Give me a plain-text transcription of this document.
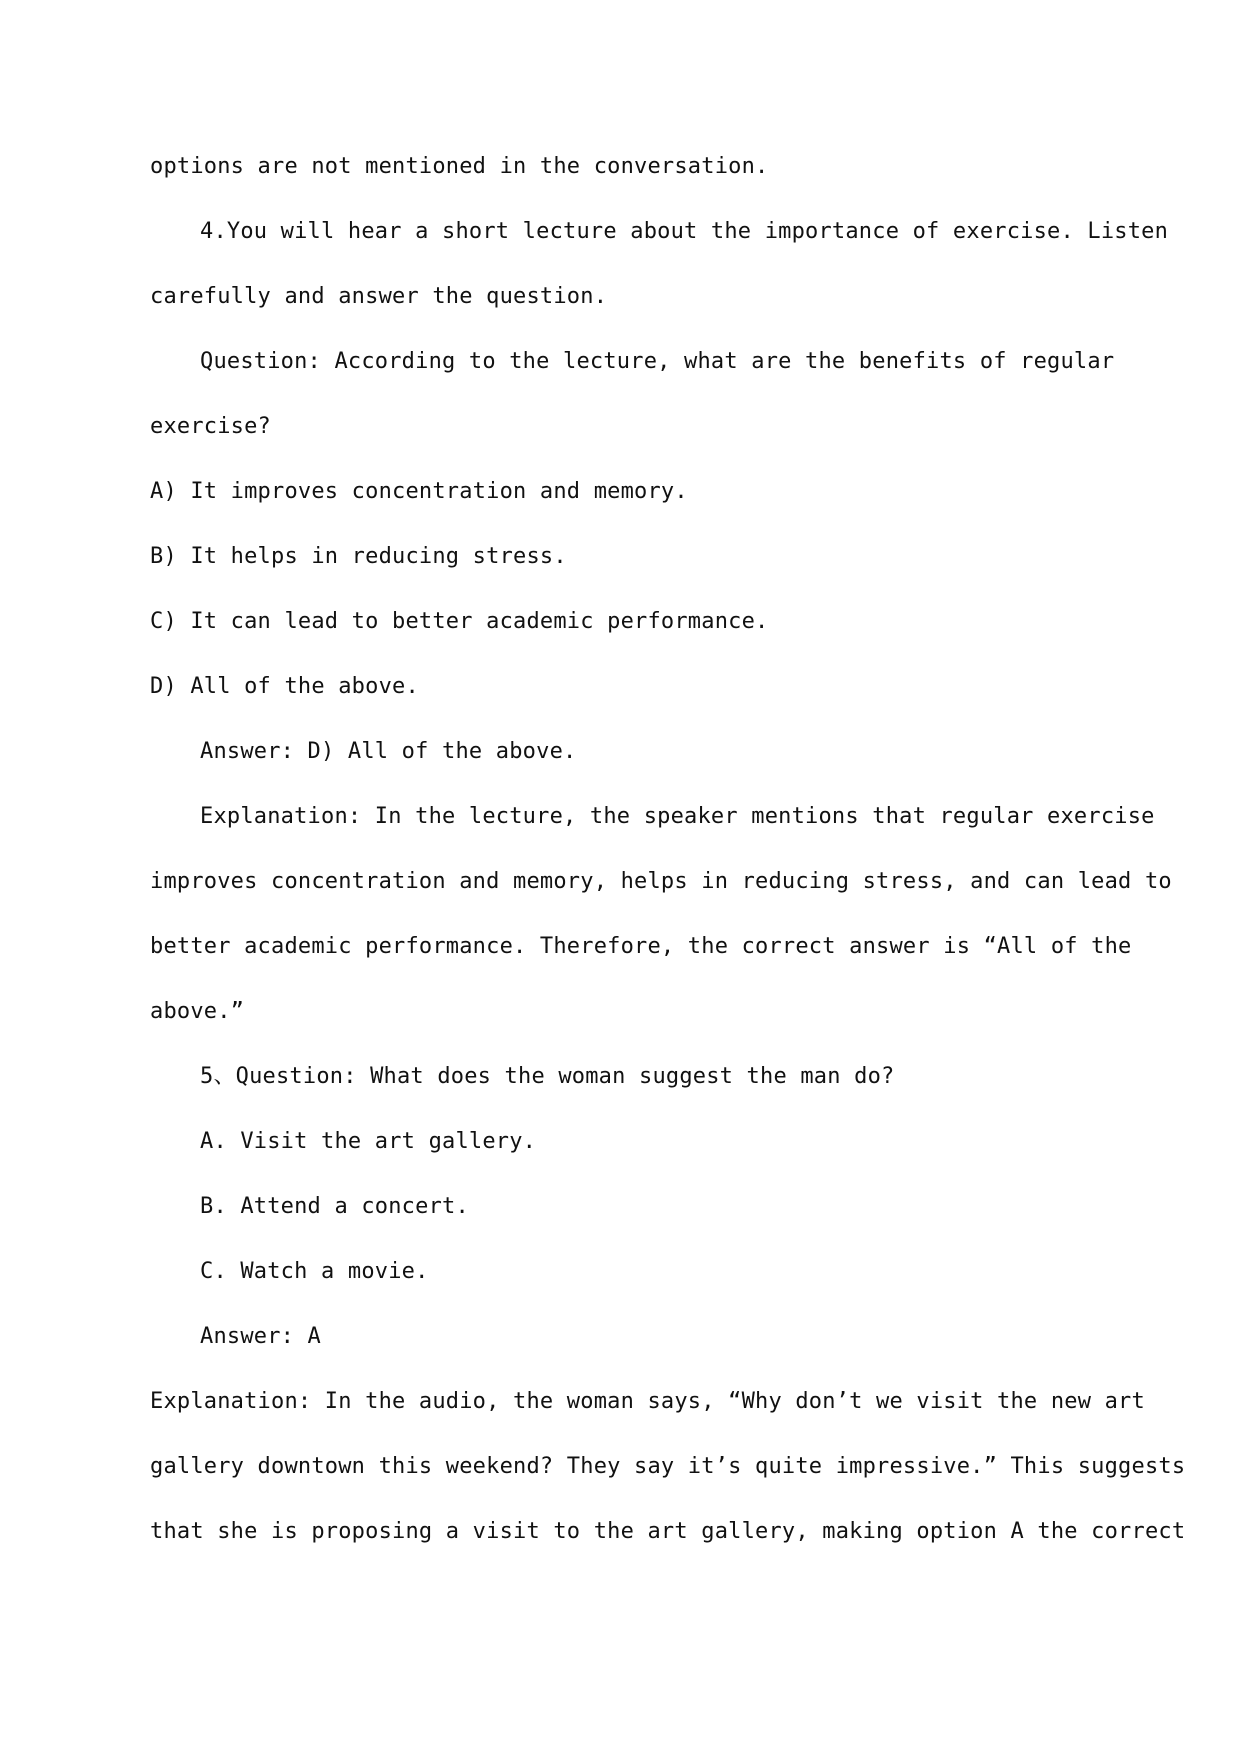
options are not mentioned in the conversation.
4.You will hear a short lecture about the importance of exercise. Listen
carefully and answer the question.
Question: According to the lecture, what are the benefits of regular
exercise?
A) It improves concentration and memory.
B) It helps in reducing stress.
C) It can lead to better academic performance.
D) All of the above.
Answer: D) All of the above.
Explanation: In the lecture, the speaker mentions that regular exercise
improves concentration and memory, helps in reducing stress, and can lead to
better academic performance. Therefore, the correct answer is “All of the
above.”
5、Question: What does the woman suggest the man do?
A. Visit the art gallery.
B. Attend a concert.
C. Watch a movie.
Answer: A
Explanation: In the audio, the woman says, “Why don’t we visit the new art
gallery downtown this weekend? They say it’s quite impressive.” This suggests
that she is proposing a visit to the art gallery, making option A the correct
